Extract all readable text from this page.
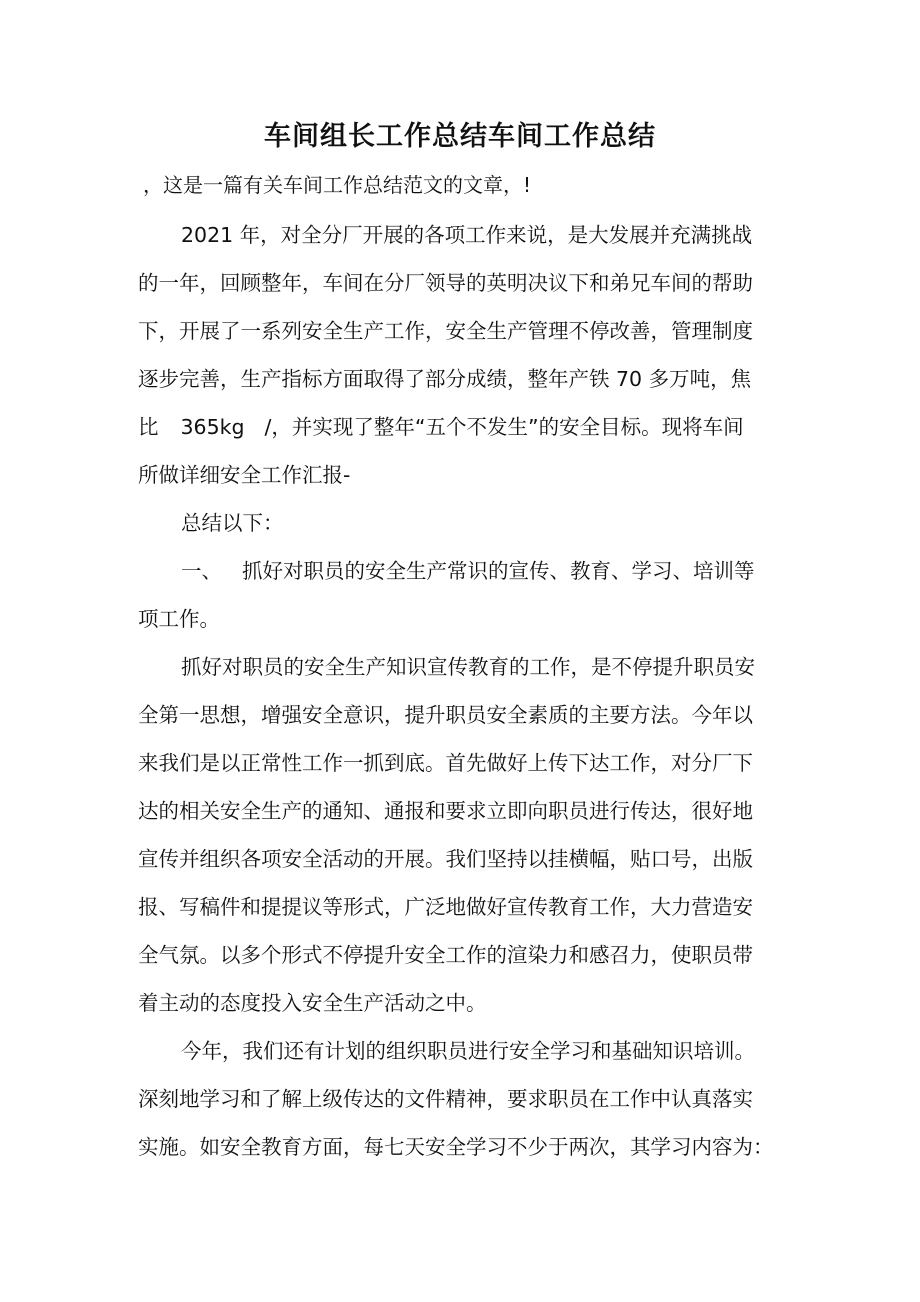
车间组长工作总结车间工作总结
，这是一篇有关车间工作总结范文的文章，!
2021 年，对全分厂开展的各项工作来说，是大发展并充满挑战
的一年，回顾整年，车间在分厂领导的英明决议下和弟兄车间的帮助
下，开展了一系列安全生产工作，安全生产管理不停改善，管理制度
逐步完善，生产指标方面取得了部分成绩，整年产铁 70 多万吨，焦
比 365kg /，并实现了整年“五个不发生”的安全目标。现将车间
所做详细安全工作汇报-
总结以下：
一、 抓好对职员的安全生产常识的宣传、教育、学习、培训等
项工作。
抓好对职员的安全生产知识宣传教育的工作，是不停提升职员安
全第一思想，增强安全意识，提升职员安全素质的主要方法。今年以
来我们是以正常性工作一抓到底。首先做好上传下达工作，对分厂下
达的相关安全生产的通知、通报和要求立即向职员进行传达，很好地
宣传并组织各项安全活动的开展。我们坚持以挂横幅，贴口号，出版
报、写稿件和提提议等形式，广泛地做好宣传教育工作，大力营造安
全气氛。以多个形式不停提升安全工作的渲染力和感召力，使职员带
着主动的态度投入安全生产活动之中。
今年，我们还有计划的组织职员进行安全学习和基础知识培训。
深刻地学习和了解上级传达的文件精神，要求职员在工作中认真落实
实施。如安全教育方面，每七天安全学习不少于两次，其学习内容为：
